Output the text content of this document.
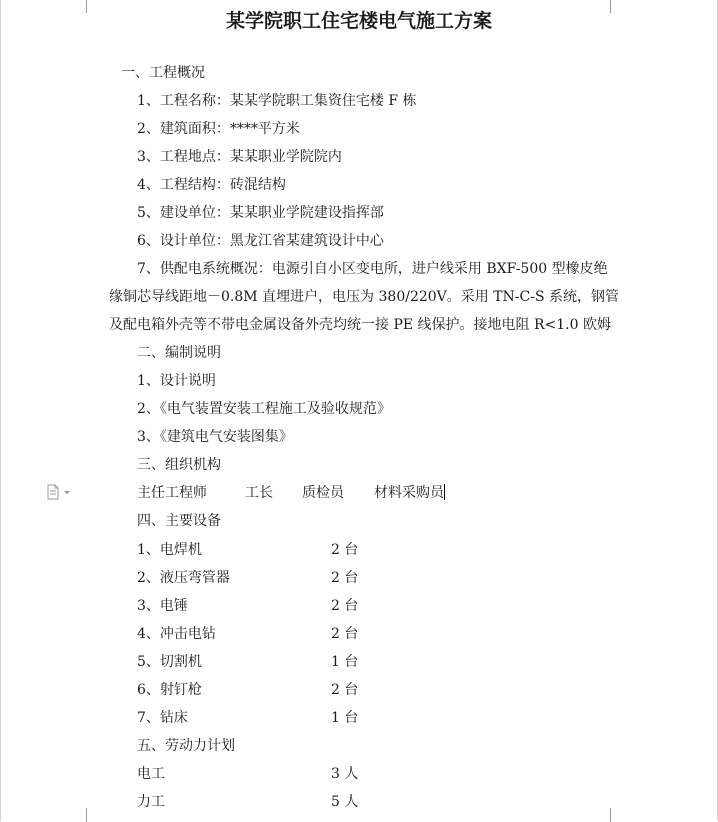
某学院职工住宅楼电气施工方案
一、工程概况
1、工程名称：某某学院职工集资住宅楼 F 栋
2、建筑面积：****平方米
3、工程地点：某某职业学院院内
4、工程结构：砖混结构
5、建设单位：某某职业学院建设指挥部
6、设计单位：黑龙江省某建筑设计中心
7、供配电系统概况：电源引自小区变电所，进户线采用 BXF-500 型橡皮绝
缘铜芯导线距地－0.8M 直埋进户，电压为 380/220V。采用 TN-C-S 系统，钢管
及配电箱外壳等不带电金属设备外壳均统一接 PE 线保护。接地电阻 R<1.0 欧姆
二、编制说明
1、设计说明
2、《电气装置安装工程施工及验收规范》
3、《建筑电气安装图集》
三、组织机构
主任工程师	工长 质检员 材料采购员
四、主要设备
1、电焊机	2 台
2、液压弯管器	2 台
3、电锤	2 台
4、冲击电钻	2 台
5、切割机	1 台
6、射钉枪	2 台
7、钻床	1 台
五、劳动力计划
电工	3 人
力工	5 人
